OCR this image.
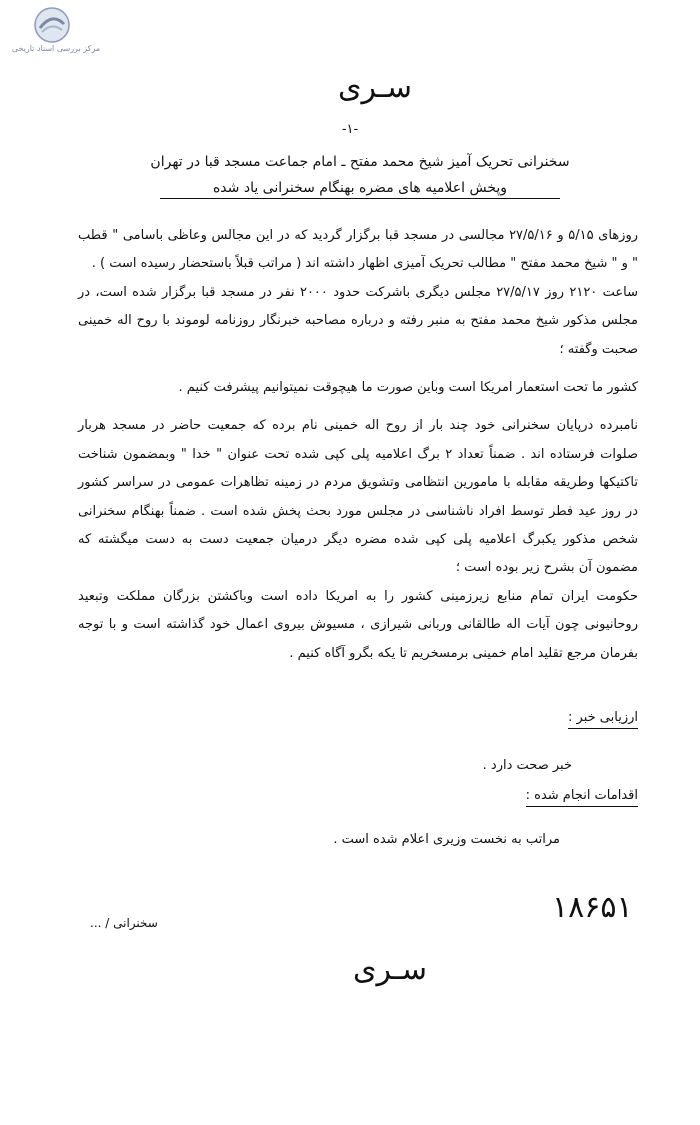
مرکز بررسی اسناد تاریخی
سـرى
-۱-
سخنرانی تحریک آمیز شیخ محمد مفتح ـ امام جماعت مسجد قبا در تهران
وپخش اعلامیه های مضره بهنگام سخنرانی یاد شده

روزهای ۵/۱۵ و ۲۷/۵/۱۶ مجالسی در مسجد قبا برگزار گردید که در این مجالس وعاظی باسامی " قطب " و " شیخ محمد مفتح " مطالب تحریک آمیزی اظهار داشته اند ( مراتب قبلاً باستحضار رسیده است ) .

ساعت ۲۱۲۰ روز ۲۷/۵/۱۷ مجلس دیگری باشرکت حدود ۲۰۰۰ نفر در مسجد قبا برگزار شده است، در مجلس مذکور شیخ محمد مفتح به منبر رفته و درباره مصاحبه خبرنگار روزنامه لوموند با روح اله خمینی صحبت وگفته ؛

کشور ما تحت استعمار امریکا است وباین صورت ما هیچوقت نمیتوانیم پیشرفت کنیم .

نامبرده درپایان سخنرانی خود چند بار از روح اله خمینی نام برده که جمعیت حاضر در مسجد هربار صلوات فرستاده اند . ضمناً تعداد ۲ برگ اعلامیه پلی کپی شده تحت عنوان " خدا " وبمضمون شناخت تاکتیکها وطریقه مقابله با مامورین انتظامی وتشویق مردم در زمینه تظاهرات عمومی در سراسر کشور در روز عید فطر توسط افراد ناشناسی در مجلس مورد بحث پخش شده است . ضمناً بهنگام سخنرانی شخص مذکور یکبرگ اعلامیه پلی کپی شده مضره دیگر درمیان جمعیت دست به دست میگشته که مضمون آن بشرح زیر بوده است ؛

حکومت ایران تمام منابع زیرزمینی کشور را به امریکا داده است وباکشتن بزرگان مملکت وتبعید روحانیونی چون آیات اله طالقانی وربانی شیرازی ، مسیوش بیروی اعمال خود گذاشته است و با توجه بفرمان مرجع تقلید امام خمینی برمسخریم تا یکه بگرو آگاه کنیم .

ارزیابی خبر :
خبر صحت دارد .
اقدامات انجام شده :
مراتب به نخست وزیری اعلام شده است .
۱۸۶۵۱
سخنرانی / ...
سـرى
